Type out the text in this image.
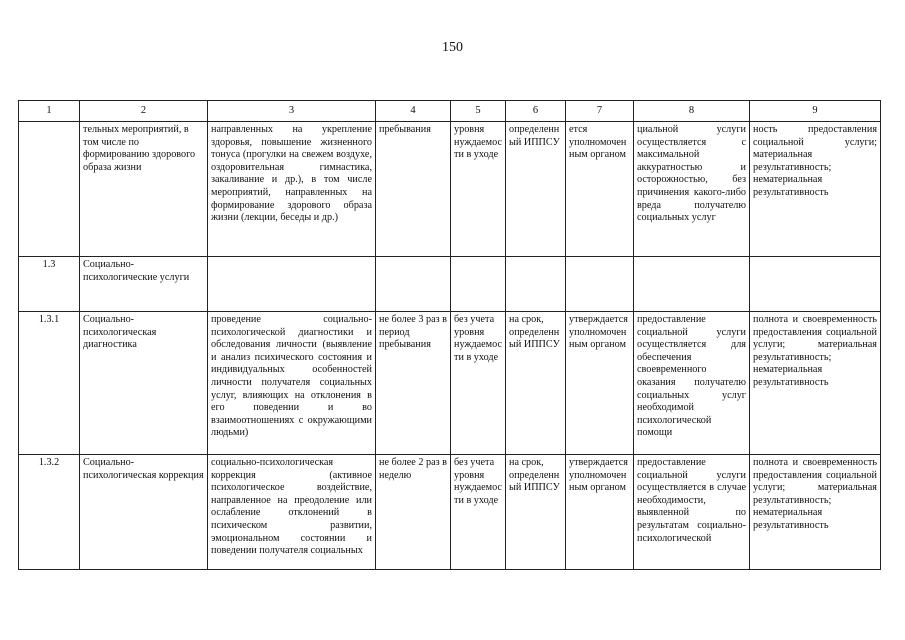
150
1	2	3	4	5	6	7	8	9
	тельных мероприятий, в том числе по формированию здорового образа жизни	направленных на укрепление здоровья, повышение жизненного тонуса (прогулки на свежем воздухе, оздоровительная гимнастика, закаливание и др.), в том числе мероприятий, направленных на формирование здорового образа жизни (лекции, беседы и др.)	пребывания	уровня нуждаемости в уходе	определенный ИППСУ	ется уполномоченным органом	циальной услуги осуществляется с максимальной аккуратностью и осторожностью, без причинения какого-либо вреда получателю социальных услуг	ность предоставления социальной услуги; материальная результативность; нематериальная результативность
1.3	Социально-психологические услуги							
1.3.1	Социально-психологическая диагностика	проведение социально-психологической диагностики и обследования личности (выявление и анализ психического состояния и индивидуальных особенностей личности получателя социальных услуг, влияющих на отклонения в его поведении и во взаимоотношениях с окружающими людьми)	не более 3 раз в период пребывания	без учета уровня нуждаемости в уходе	на срок, определенный ИППСУ	утверждается уполномоченным органом	предоставление социальной услуги осуществляется для обеспечения своевременного оказания получателю социальных услуг необходимой психологической помощи	полнота и своевременность предоставления социальной услуги; материальная результативность; нематериальная результативность
1.3.2	Социально-психологическая коррекция	социально-психологическая коррекция (активное психологическое воздействие, направленное на преодоление или ослабление отклонений в психическом развитии, эмоциональном состоянии и поведении получателя социальных	не более 2 раз в неделю	без учета уровня нуждаемости в уходе	на срок, определенный ИППСУ	утверждается уполномоченным органом	предоставление социальной услуги осуществляется в случае необходимости, выявленной по результатам социально-психологической	полнота и своевременность предоставления социальной услуги; материальная результативность; нематериальная результативность
